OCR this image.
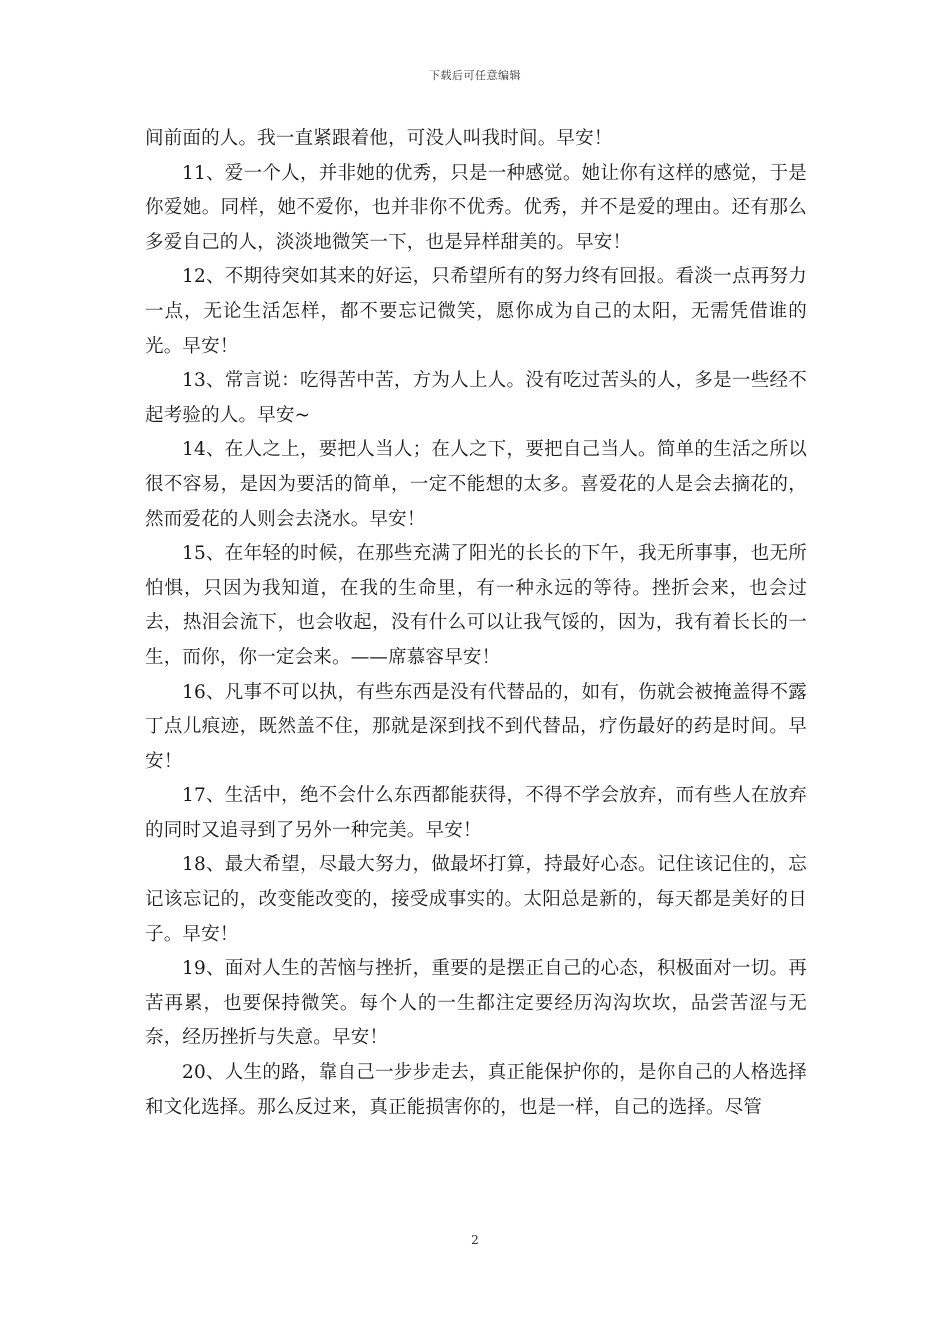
下载后可任意编辑

间前面的人。我一直紧跟着他，可没人叫我时间。早安！

11、爱一个人，并非她的优秀，只是一种感觉。她让你有这样的感觉，于是你爱她。同样，她不爱你，也并非你不优秀。优秀，并不是爱的理由。还有那么多爱自己的人，淡淡地微笑一下，也是异样甜美的。早安！

12、不期待突如其来的好运，只希望所有的努力终有回报。看淡一点再努力一点，无论生活怎样，都不要忘记微笑，愿你成为自己的太阳，无需凭借谁的光。早安！

13、常言说：吃得苦中苦，方为人上人。没有吃过苦头的人，多是一些经不起考验的人。早安~

14、在人之上，要把人当人；在人之下，要把自己当人。简单的生活之所以很不容易，是因为要活的简单，一定不能想的太多。喜爱花的人是会去摘花的，然而爱花的人则会去浇水。早安！

15、在年轻的时候，在那些充满了阳光的长长的下午，我无所事事，也无所怕惧，只因为我知道，在我的生命里，有一种永远的等待。挫折会来，也会过去，热泪会流下，也会收起，没有什么可以让我气馁的，因为，我有着长长的一生，而你，你一定会来。——席慕容早安！

16、凡事不可以执，有些东西是没有代替品的，如有，伤就会被掩盖得不露丁点儿痕迹，既然盖不住，那就是深到找不到代替品，疗伤最好的药是时间。早安！

17、生活中，绝不会什么东西都能获得，不得不学会放弃，而有些人在放弃的同时又追寻到了另外一种完美。早安！

18、最大希望，尽最大努力，做最坏打算，持最好心态。记住该记住的，忘记该忘记的，改变能改变的，接受成事实的。太阳总是新的，每天都是美好的日子。早安！

19、面对人生的苦恼与挫折，重要的是摆正自己的心态，积极面对一切。再苦再累，也要保持微笑。每个人的一生都注定要经历沟沟坎坎，品尝苦涩与无奈，经历挫折与失意。早安！

20、人生的路，靠自己一步步走去，真正能保护你的，是你自己的人格选择和文化选择。那么反过来，真正能损害你的，也是一样，自己的选择。尽管

2
